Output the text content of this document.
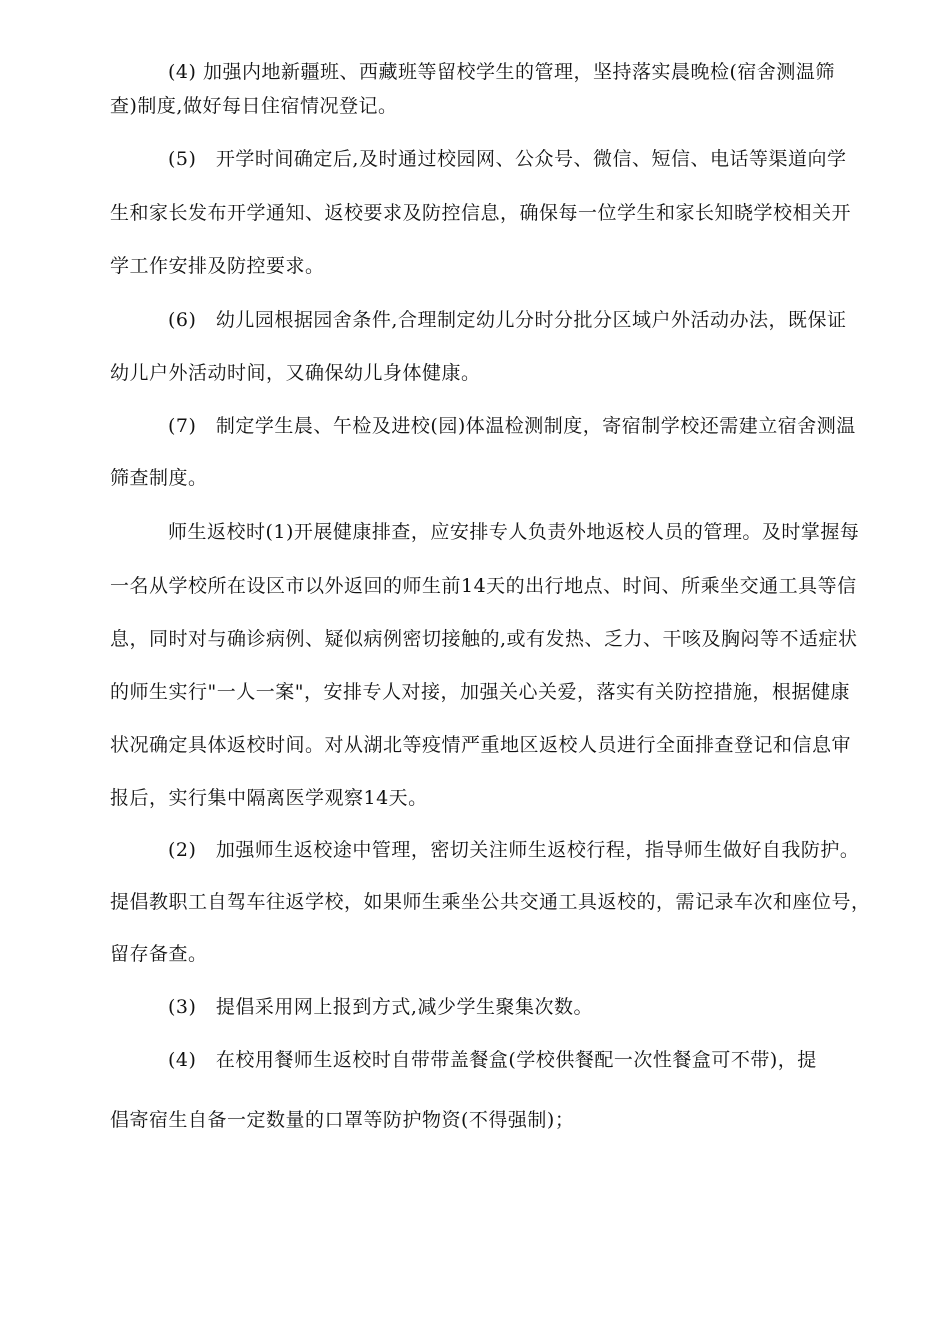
(4) 加强内地新疆班、西藏班等留校学生的管理，坚持落实晨晚检(宿舍测温筛
查)制度,做好每日住宿情况登记。
(5)　开学时间确定后,及时通过校园网、公众号、微信、短信、电话等渠道向学
生和家长发布开学通知、返校要求及防控信息，确保每一位学生和家长知晓学校相关开
学工作安排及防控要求。
(6)　幼儿园根据园舍条件,合理制定幼儿分时分批分区域户外活动办法，既保证
幼儿户外活动时间，又确保幼儿身体健康。
(7)　制定学生晨、午检及进校(园)体温检测制度，寄宿制学校还需建立宿舍测温
筛查制度。
师生返校时(1)开展健康排查，应安排专人负责外地返校人员的管理。及时掌握每
一名从学校所在设区市以外返回的师生前14天的出行地点、时间、所乘坐交通工具等信
息，同时对与确诊病例、疑似病例密切接触的,或有发热、乏力、干咳及胸闷等不适症状
的师生实行"一人一案"，安排专人对接，加强关心关爱，落实有关防控措施，根据健康
状况确定具体返校时间。对从湖北等疫情严重地区返校人员进行全面排查登记和信息审
报后，实行集中隔离医学观察14天。
(2)　加强师生返校途中管理，密切关注师生返校行程，指导师生做好自我防护。
提倡教职工自驾车往返学校，如果师生乘坐公共交通工具返校的，需记录车次和座位号，
留存备查。
(3)　提倡采用网上报到方式,减少学生聚集次数。
(4)　在校用餐师生返校时自带带盖餐盒(学校供餐配一次性餐盒可不带)，提
倡寄宿生自备一定数量的口罩等防护物资(不得强制)；
